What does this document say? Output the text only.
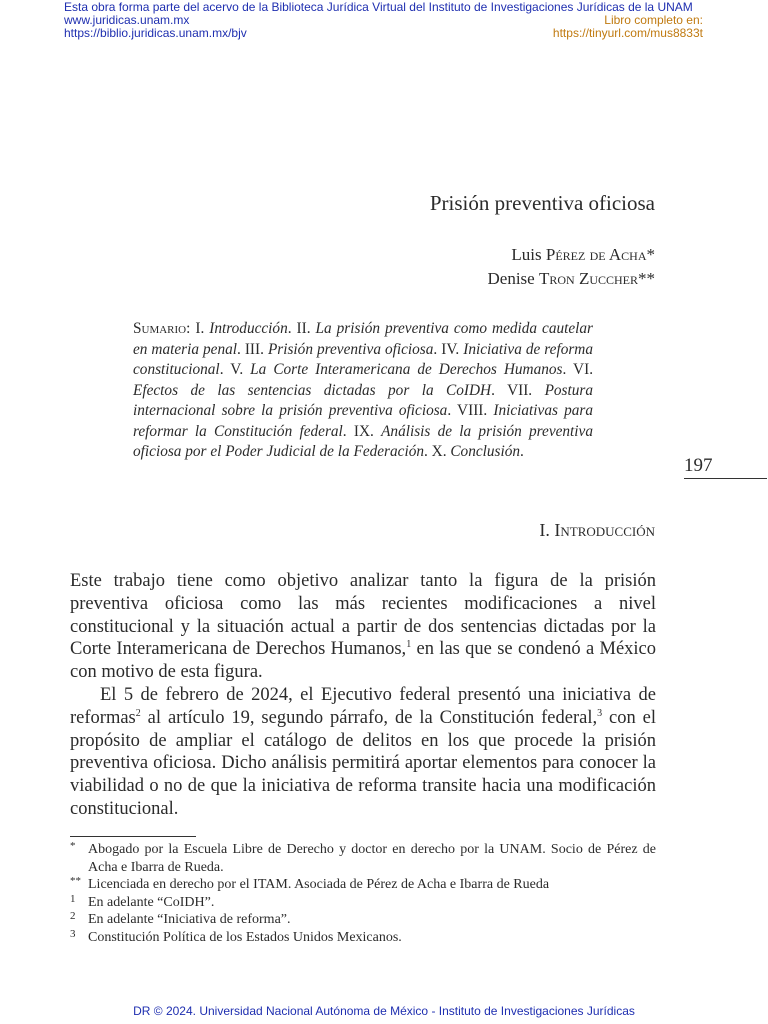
Esta obra forma parte del acervo de la Biblioteca Jurídica Virtual del Instituto de Investigaciones Jurídicas de la UNAM
www.juridicas.unam.mx
https://biblio.juridicas.unam.mx/bjv
Libro completo en:
https://tinyurl.com/mus8833t
Prisión preventiva oficiosa
Luis Pérez de Acha*
Denise Tron Zuccher**
Sumario: I. Introducción. II. La prisión preventiva como medida cautelar en materia penal. III. Prisión preventiva oficiosa. IV. Iniciativa de reforma constitucional. V. La Corte Interamericana de Derechos Humanos. VI. Efectos de las sentencias dictadas por la CoIDH. VII. Postura internacional sobre la prisión preventiva oficiosa. VIII. Iniciativas para reformar la Constitución federal. IX. Análisis de la prisión preventiva oficiosa por el Poder Judicial de la Federación. X. Conclusión.
197
I. Introducción

Este trabajo tiene como objetivo analizar tanto la figura de la prisión preventiva oficiosa como las más recientes modificaciones a nivel constitucional y la situación actual a partir de dos sentencias dictadas por la Corte Interamericana de Derechos Humanos,$^1$ en las que se condenó a México con motivo de esta figura.

El 5 de febrero de 2024, el Ejecutivo federal presentó una iniciativa de reformas$^2$ al artículo 19, segundo párrafo, de la Constitución federal,$^3$ con el propósito de ampliar el catálogo de delitos en los que procede la prisión preventiva oficiosa. Dicho análisis permitirá aportar elementos para conocer la viabilidad o no de que la iniciativa de reforma transite hacia una modificación constitucional.

* Abogado por la Escuela Libre de Derecho y doctor en derecho por la UNAM. Socio de Pérez de Acha e Ibarra de Rueda.
** Licenciada en derecho por el ITAM. Asociada de Pérez de Acha e Ibarra de Rueda
1 En adelante “CoIDH”.
2 En adelante “Iniciativa de reforma”.
3 Constitución Política de los Estados Unidos Mexicanos.
DR © 2024. Universidad Nacional Autónoma de México - Instituto de Investigaciones Jurídicas
